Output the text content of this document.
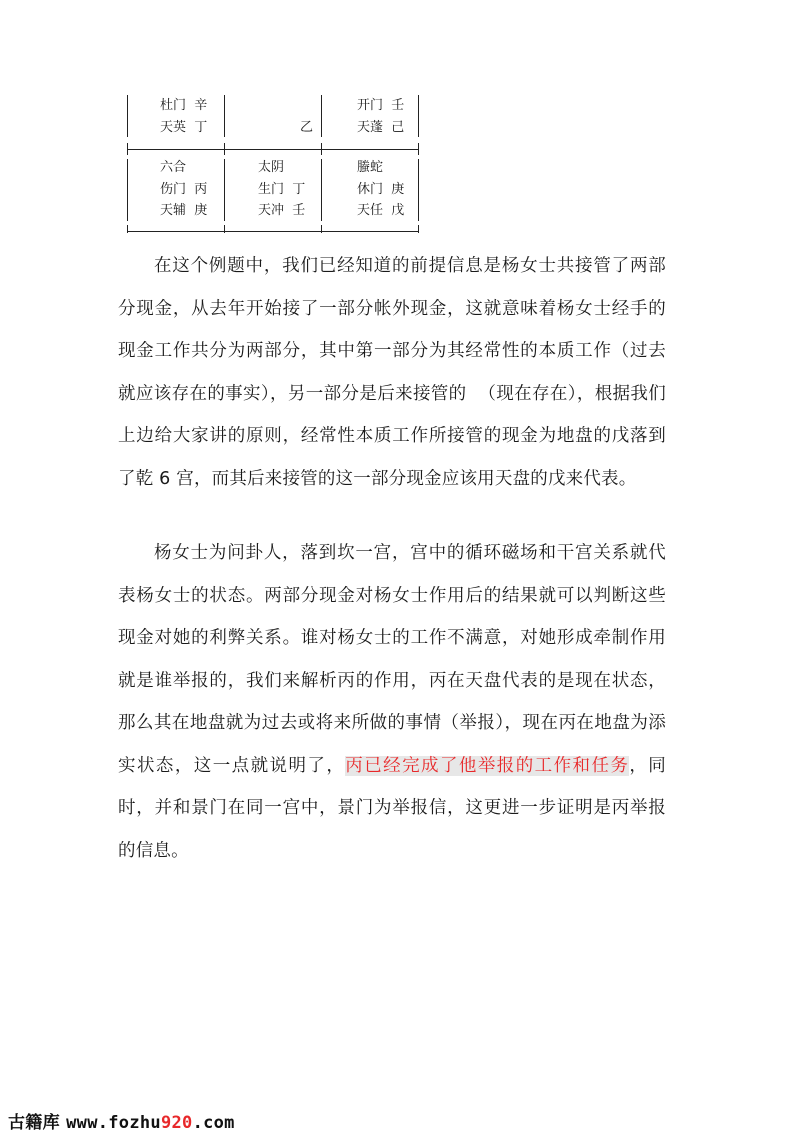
杜门  辛
天英  丁	乙
开门  壬
天蓬  己
六合
伤门  丙
天辅  庚
太阴
生门  丁
天冲  壬
螣蛇
休门  庚
天任  戊
在这个例题中，我们已经知道的前提信息是杨女士共接管了两部分现金，从去年开始接了一部分帐外现金，这就意味着杨女士经手的现金工作共分为两部分，其中第一部分为其经常性的本质工作（过去就应该存在的事实），另一部分是后来接管的  （现在存在），根据我们上边给大家讲的原则，经常性本质工作所接管的现金为地盘的戊落到了乾 6 宫，而其后来接管的这一部分现金应该用天盘的戊来代表。
杨女士为问卦人，落到坎一宫，宫中的循环磁场和干宫关系就代表杨女士的状态。两部分现金对杨女士作用后的结果就可以判断这些现金对她的利弊关系。谁对杨女士的工作不满意，对她形成牵制作用就是谁举报的，我们来解析丙的作用，丙在天盘代表的是现在状态，那么其在地盘就为过去或将来所做的事情（举报），现在丙在地盘为添实状态，这一点就说明了，丙已经完成了他举报的工作和任务，同时，并和景门在同一宫中，景门为举报信，这更进一步证明是丙举报的信息。
古籍库 www.fozhu920.com
